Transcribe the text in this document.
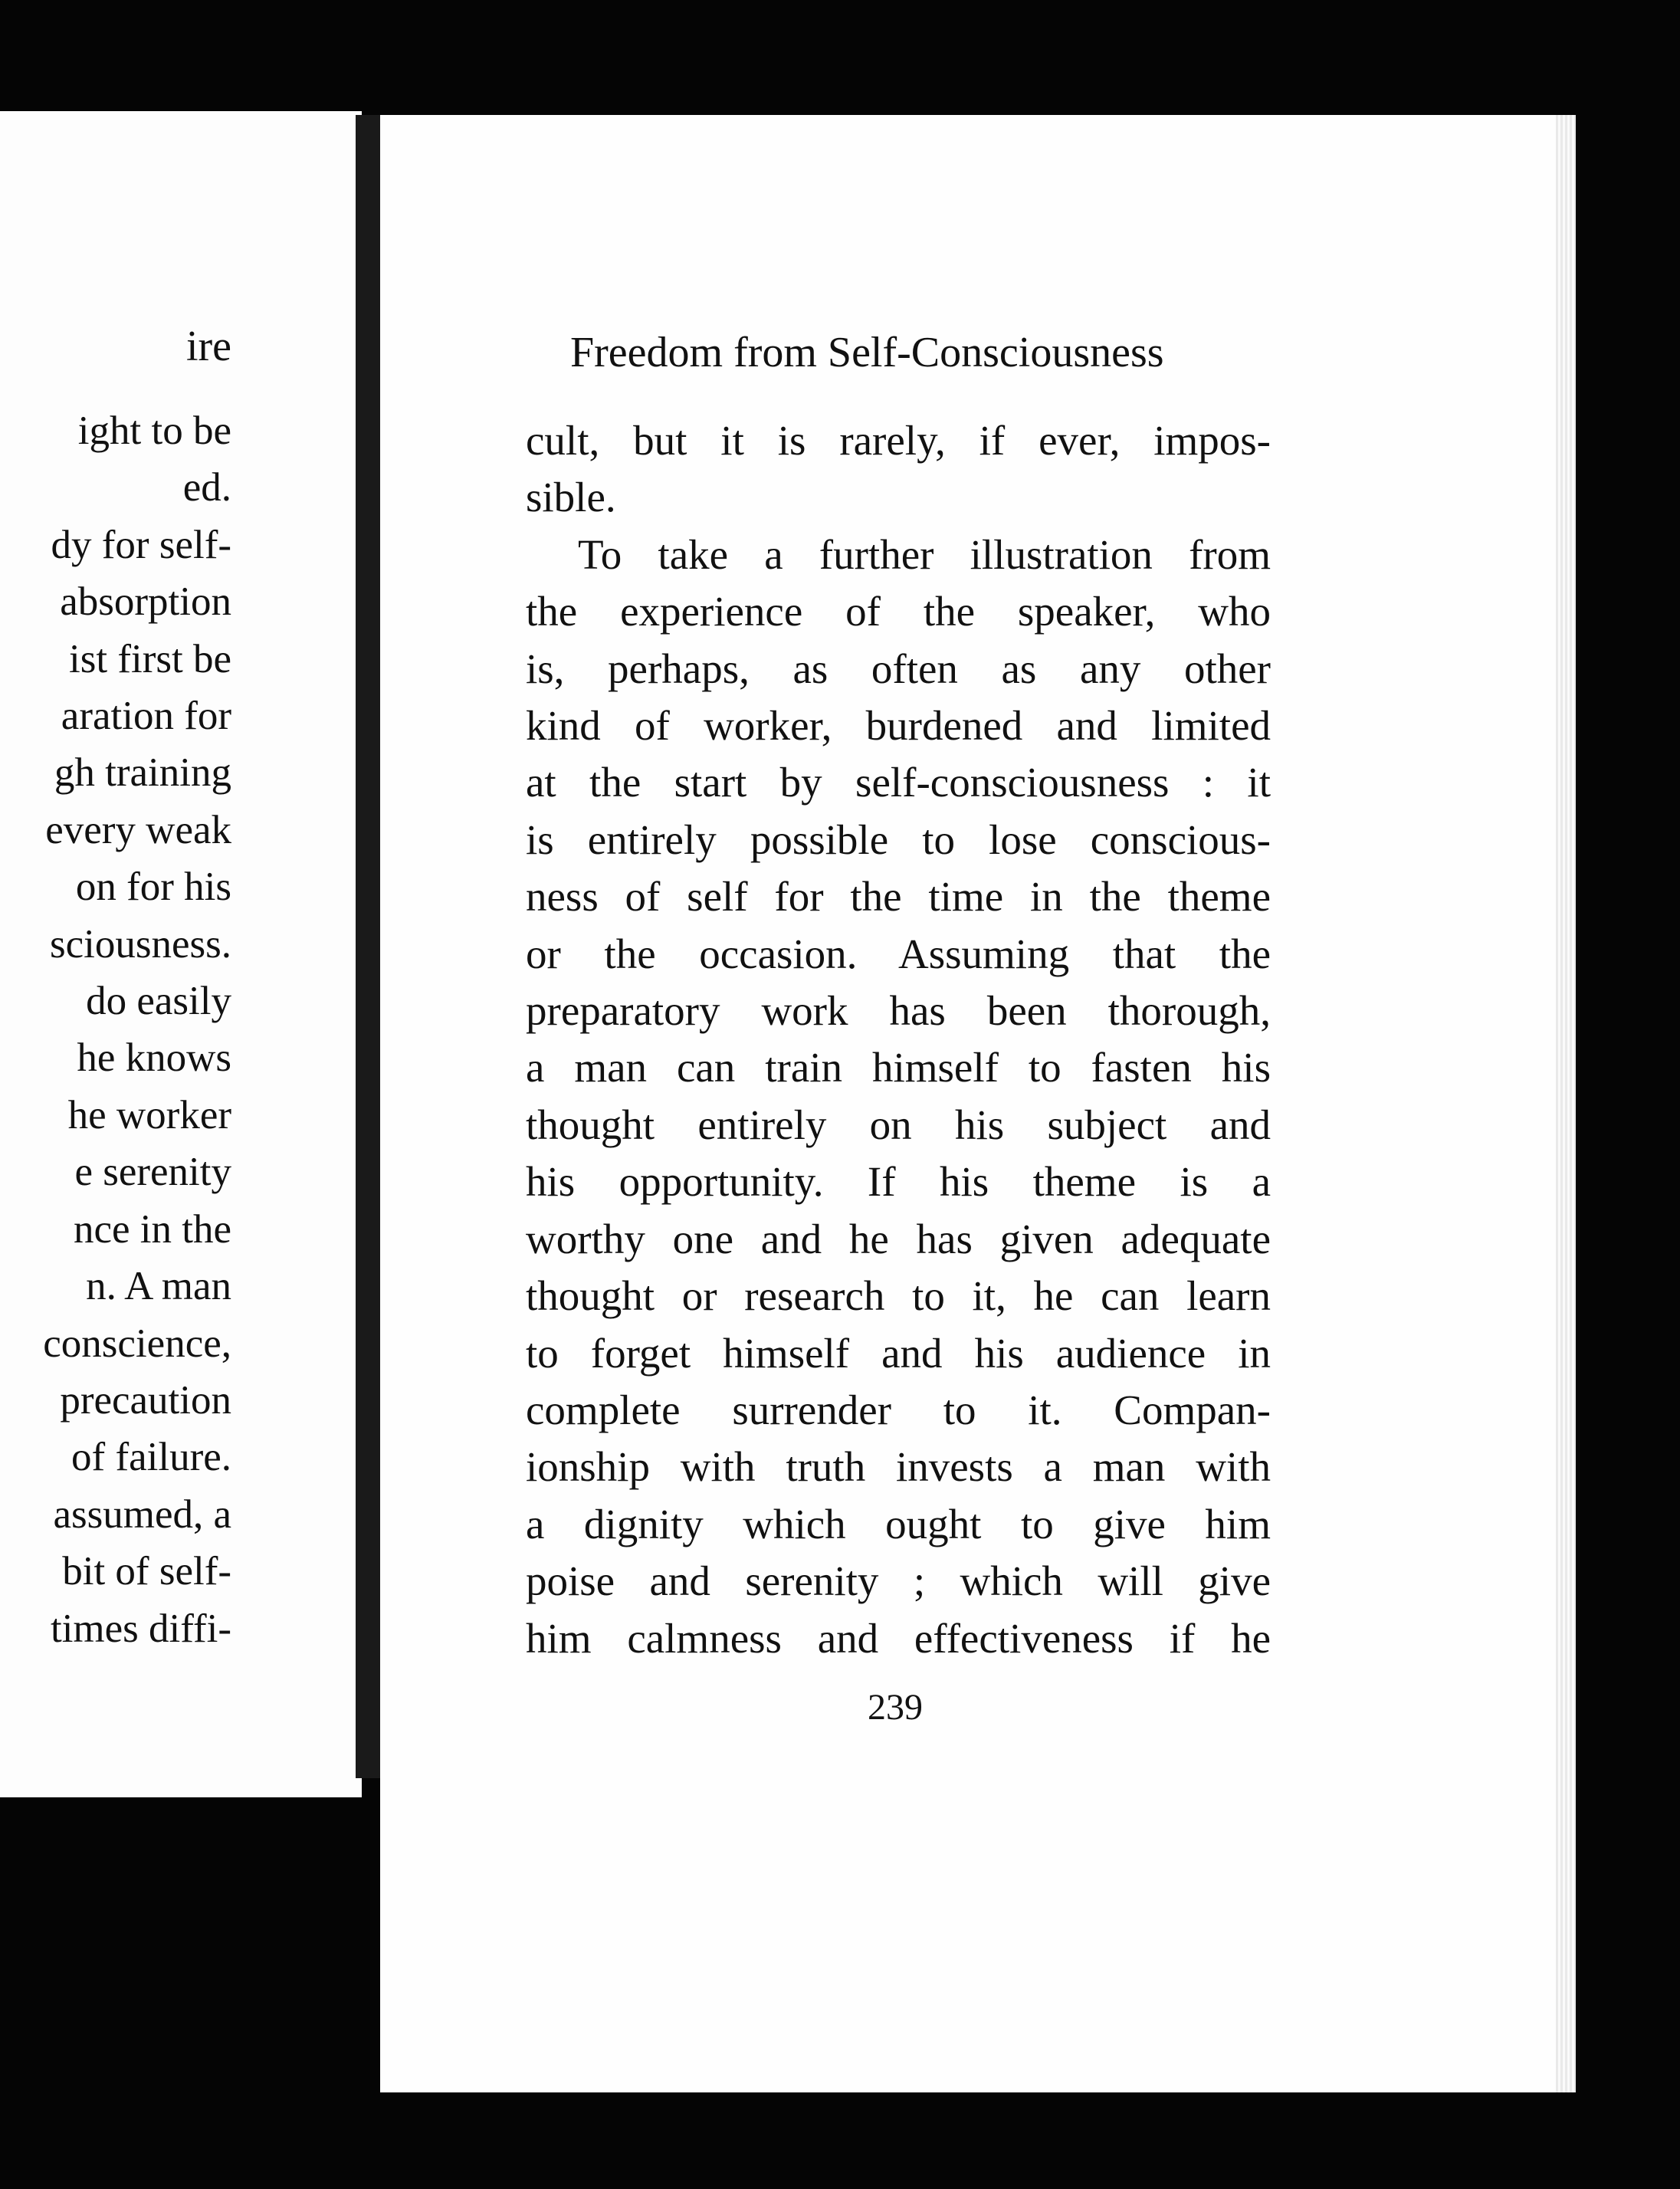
ire
ight to be
ed.
dy for self-
absorption
ist first be
aration for
gh training
every weak
on for his
sciousness.
do easily
he knows
he worker
e serenity
nce in the
n. A man
conscience,
precaution
of failure.
assumed, a
bit of self-
times diffi-
Freedom from Self-Consciousness
cult, but it is rarely, if ever, impos-
sible.
To take a further illustration from
the experience of the speaker, who
is, perhaps, as often as any other
kind of worker, burdened and limited
at the start by self-consciousness : it
is entirely possible to lose conscious-
ness of self for the time in the theme
or the occasion. Assuming that the
preparatory work has been thorough,
a man can train himself to fasten his
thought entirely on his subject and
his opportunity. If his theme is a
worthy one and he has given adequate
thought or research to it, he can learn
to forget himself and his audience in
complete surrender to it. Compan-
ionship with truth invests a man with
a dignity which ought to give him
poise and serenity ; which will give
him calmness and effectiveness if he
239
